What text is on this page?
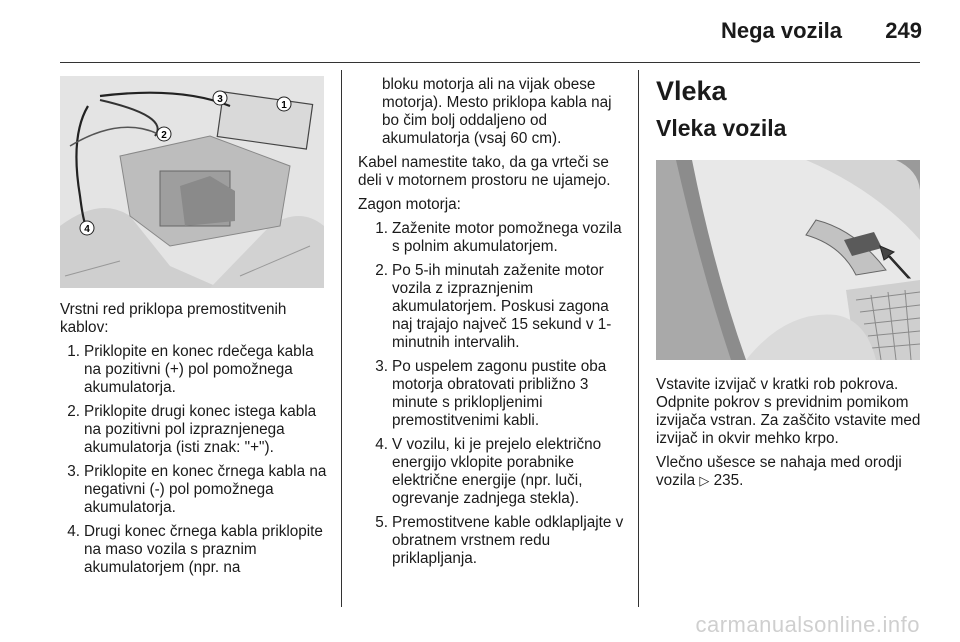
Nega vozila 249
1
2
3
4

Vrstni red priklopa premostitvenih kablov:

1. Priklopite en konec rdečega kabla na pozitivni (+) pol pomožnega akumulatorja.
2. Priklopite drugi konec istega kabla na pozitivni pol izpraznjenega akumulatorja (isti znak: "+").
3. Priklopite en konec črnega kabla na negativni (-) pol pomožnega akumulatorja.
4. Drugi konec črnega kabla priklopite na maso vozila s praznim akumulatorjem (npr. na

bloku motorja ali na vijak obese motorja). Mesto priklopa kabla naj bo čim bolj oddaljeno od akumulatorja (vsaj 60 cm).

Kabel namestite tako, da ga vrteči se deli v motornem prostoru ne ujamejo.

Zagon motorja:

1. Zaženite motor pomožnega vozila s polnim akumulatorjem.
2. Po 5-ih minutah zaženite motor vozila z izpraznjenim akumulatorjem. Poskusi zagona naj trajajo največ 15 sekund v 1-minutnih intervalih.
3. Po uspelem zagonu pustite oba motorja obratovati približno 3 minute s priklopljenimi premostitvenimi kabli.
4. V vozilu, ki je prejelo električno energijo vklopite porabnike električne energije (npr. luči, ogrevanje zadnjega stekla).
5. Premostitvene kable odklapljajte v obratnem vrstnem redu priklapljanja.
Vleka
Vleka vozila

Vstavite izvijač v kratki rob pokrova. Odpnite pokrov s previdnim pomikom izvijača vstran. Za zaščito vstavite med izvijač in okvir mehko krpo.

Vlečno ušesce se nahaja med orodji vozila ▷ 235.

carmanualsonline.info
